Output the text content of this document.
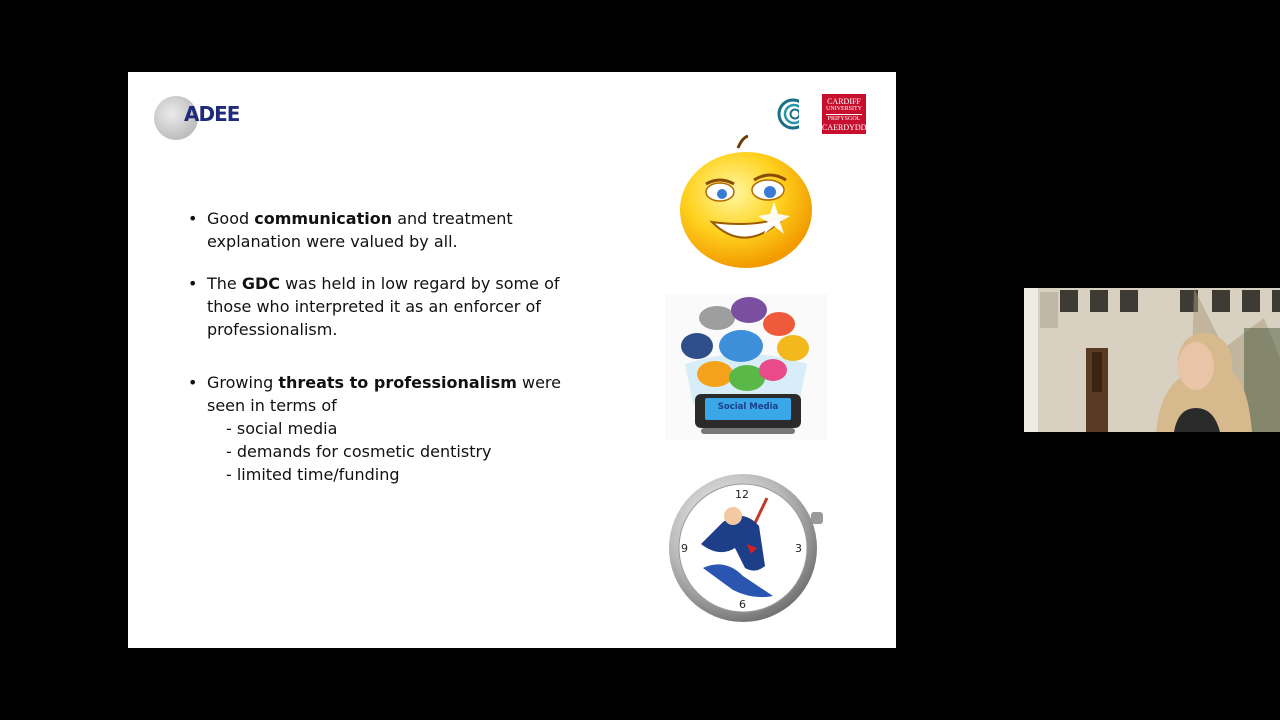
ADEE
CARDIFF
UNIVERSITY
PRIFYSGOL
CAERDYDD
• Good communication and treatment explanation were valued by all.
• The GDC was held in low regard by some of those who interpreted it as an enforcer of professionalism.
• Growing threats to professionalism were seen in terms of
- social media
- demands for cosmetic dentistry
- limited time/funding
Social Media
12
3
6
9
